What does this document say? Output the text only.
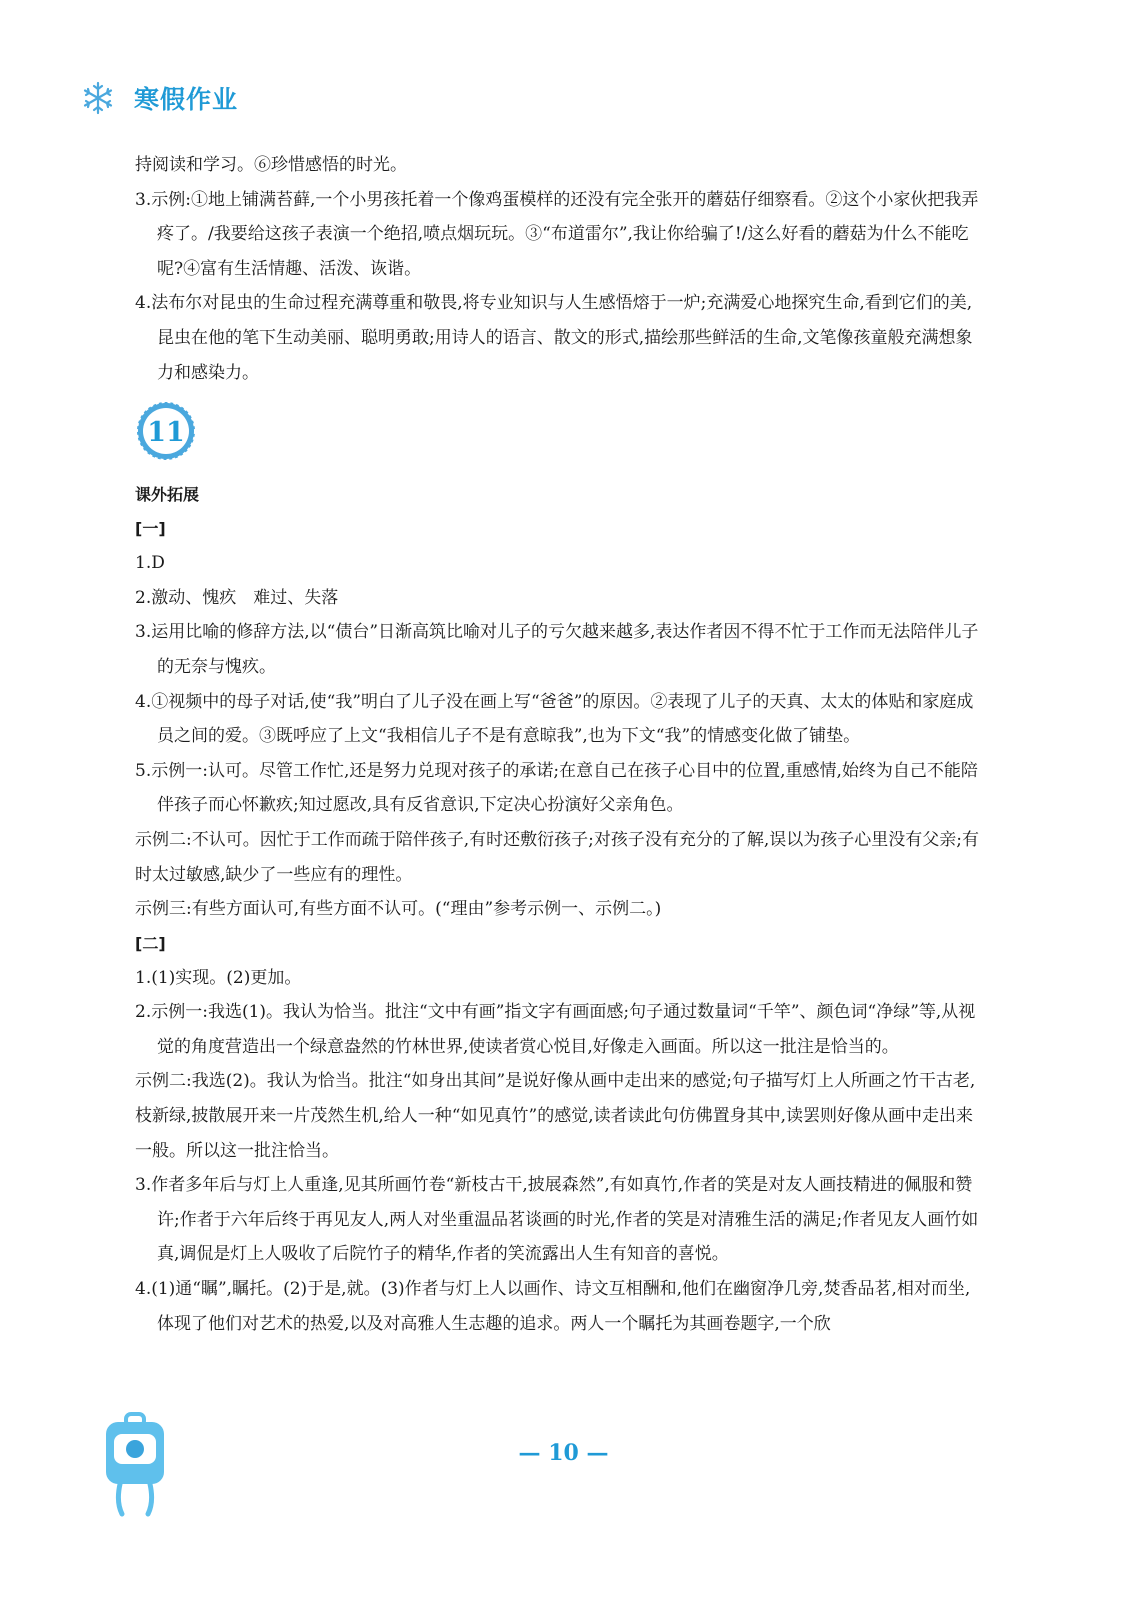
寒假作业

持阅读和学习。⑥珍惜感悟的时光。

3.示例:①地上铺满苔藓,一个小男孩托着一个像鸡蛋模样的还没有完全张开的蘑菇仔细察看。②这个小家伙把我弄疼了。/我要给这孩子表演一个绝招,喷点烟玩玩。③“布道雷尔”,我让你给骗了!/这么好看的蘑菇为什么不能吃呢?④富有生活情趣、活泼、诙谐。

4.法布尔对昆虫的生命过程充满尊重和敬畏,将专业知识与人生感悟熔于一炉;充满爱心地探究生命,看到它们的美,昆虫在他的笔下生动美丽、聪明勇敢;用诗人的语言、散文的形式,描绘那些鲜活的生命,文笔像孩童般充满想象力和感染力。

11
课外拓展
[一]

1.D

2.激动、愧疚　难过、失落

3.运用比喻的修辞方法,以“债台”日渐高筑比喻对儿子的亏欠越来越多,表达作者因不得不忙于工作而无法陪伴儿子的无奈与愧疚。

4.①视频中的母子对话,使“我”明白了儿子没在画上写“爸爸”的原因。②表现了儿子的天真、太太的体贴和家庭成员之间的爱。③既呼应了上文“我相信儿子不是有意晾我”,也为下文“我”的情感变化做了铺垫。

5.示例一:认可。尽管工作忙,还是努力兑现对孩子的承诺;在意自己在孩子心目中的位置,重感情,始终为自己不能陪伴孩子而心怀歉疚;知过愿改,具有反省意识,下定决心扮演好父亲角色。

示例二:不认可。因忙于工作而疏于陪伴孩子,有时还敷衍孩子;对孩子没有充分的了解,误以为孩子心里没有父亲;有时太过敏感,缺少了一些应有的理性。

示例三:有些方面认可,有些方面不认可。(“理由”参考示例一、示例二。)

[二]

1.(1)实现。(2)更加。

2.示例一:我选(1)。我认为恰当。批注“文中有画”指文字有画面感;句子通过数量词“千竿”、颜色词“净绿”等,从视觉的角度营造出一个绿意盎然的竹林世界,使读者赏心悦目,好像走入画面。所以这一批注是恰当的。

示例二:我选(2)。我认为恰当。批注“如身出其间”是说好像从画中走出来的感觉;句子描写灯上人所画之竹干古老,枝新绿,披散展开来一片茂然生机,给人一种“如见真竹”的感觉,读者读此句仿佛置身其中,读罢则好像从画中走出来一般。所以这一批注恰当。

3.作者多年后与灯上人重逢,见其所画竹卷“新枝古干,披展森然”,有如真竹,作者的笑是对友人画技精进的佩服和赞许;作者于六年后终于再见友人,两人对坐重温品茗谈画的时光,作者的笑是对清雅生活的满足;作者见友人画竹如真,调侃是灯上人吸收了后院竹子的精华,作者的笑流露出人生有知音的喜悦。

4.(1)通“瞩”,瞩托。(2)于是,就。(3)作者与灯上人以画作、诗文互相酬和,他们在幽窗净几旁,焚香品茗,相对而坐,体现了他们对艺术的热爱,以及对高雅人生志趣的追求。两人一个瞩托为其画卷题字,一个欣

— 10 —
